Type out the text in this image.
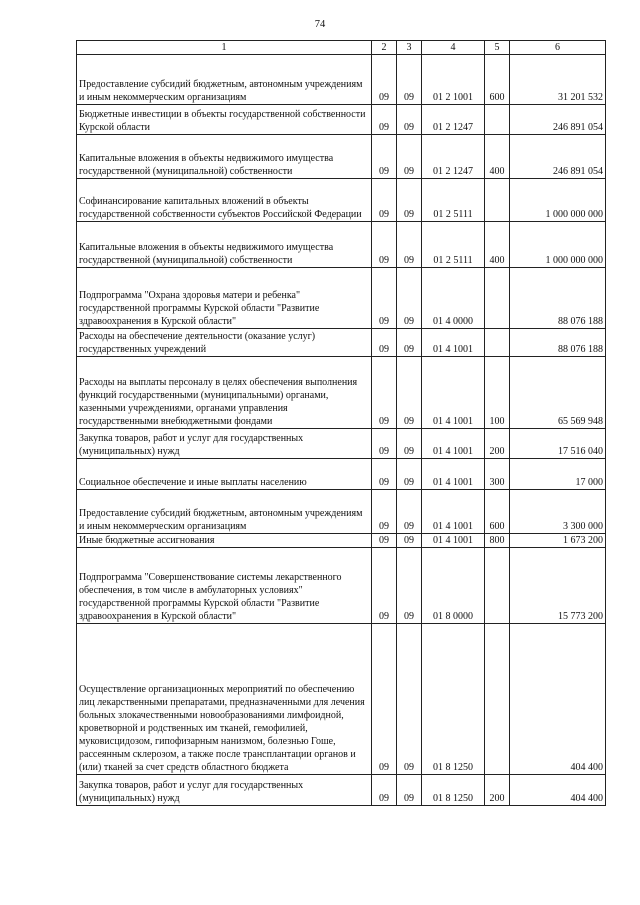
74
1	2	3	4	5	6
Предоставление субсидий бюджетным, автономным учреждениям и иным некоммерческим организациям	09	09	01 2 1001	600	31 201 532
Бюджетные инвестиции в объекты государственной собственности Курской области	09	09	01 2 1247		246 891 054
Капитальные вложения в объекты недвижимого имущества государственной (муниципальной) собственности	09	09	01 2 1247	400	246 891 054
Софинансирование капитальных вложений в объекты государственной собственности субъектов Российской Федерации	09	09	01 2 5111		1 000 000 000
Капитальные вложения в объекты недвижимого имущества государственной (муниципальной) собственности	09	09	01 2 5111	400	1 000 000 000
Подпрограмма "Охрана здоровья матери и ребенка" государственной программы Курской области "Развитие здравоохранения в Курской области"	09	09	01 4 0000		88 076 188
Расходы на обеспечение деятельности (оказание услуг) государственных учреждений	09	09	01 4 1001		88 076 188
Расходы на выплаты персоналу в целях обеспечения выполнения функций государственными (муниципальными) органами, казенными учреждениями, органами управления государственными внебюджетными фондами	09	09	01 4 1001	100	65 569 948
Закупка товаров, работ и услуг для государственных (муниципальных) нужд	09	09	01 4 1001	200	17 516 040
Социальное обеспечение и иные выплаты населению	09	09	01 4 1001	300	17 000
Предоставление субсидий бюджетным, автономным учреждениям и иным некоммерческим организациям	09	09	01 4 1001	600	3 300 000
Иные бюджетные ассигнования	09	09	01 4 1001	800	1 673 200
Подпрограмма "Совершенствование системы лекарственного обеспечения, в том числе в амбулаторных условиях" государственной программы Курской области "Развитие здравоохранения в Курской области"	09	09	01 8 0000		15 773 200
Осуществление организационных мероприятий по обеспечению лиц лекарственными препаратами, предназначенными для лечения больных злокачественными новообразованиями лимфоидной, кроветворной и родственных им тканей, гемофилией, муковисцидозом, гипофизарным нанизмом, болезнью Гоше, рассеянным склерозом, а также после трансплантации органов и (или) тканей за счет средств областного бюджета	09	09	01 8 1250		404 400
Закупка товаров, работ и услуг для государственных (муниципальных) нужд	09	09	01 8 1250	200	404 400
